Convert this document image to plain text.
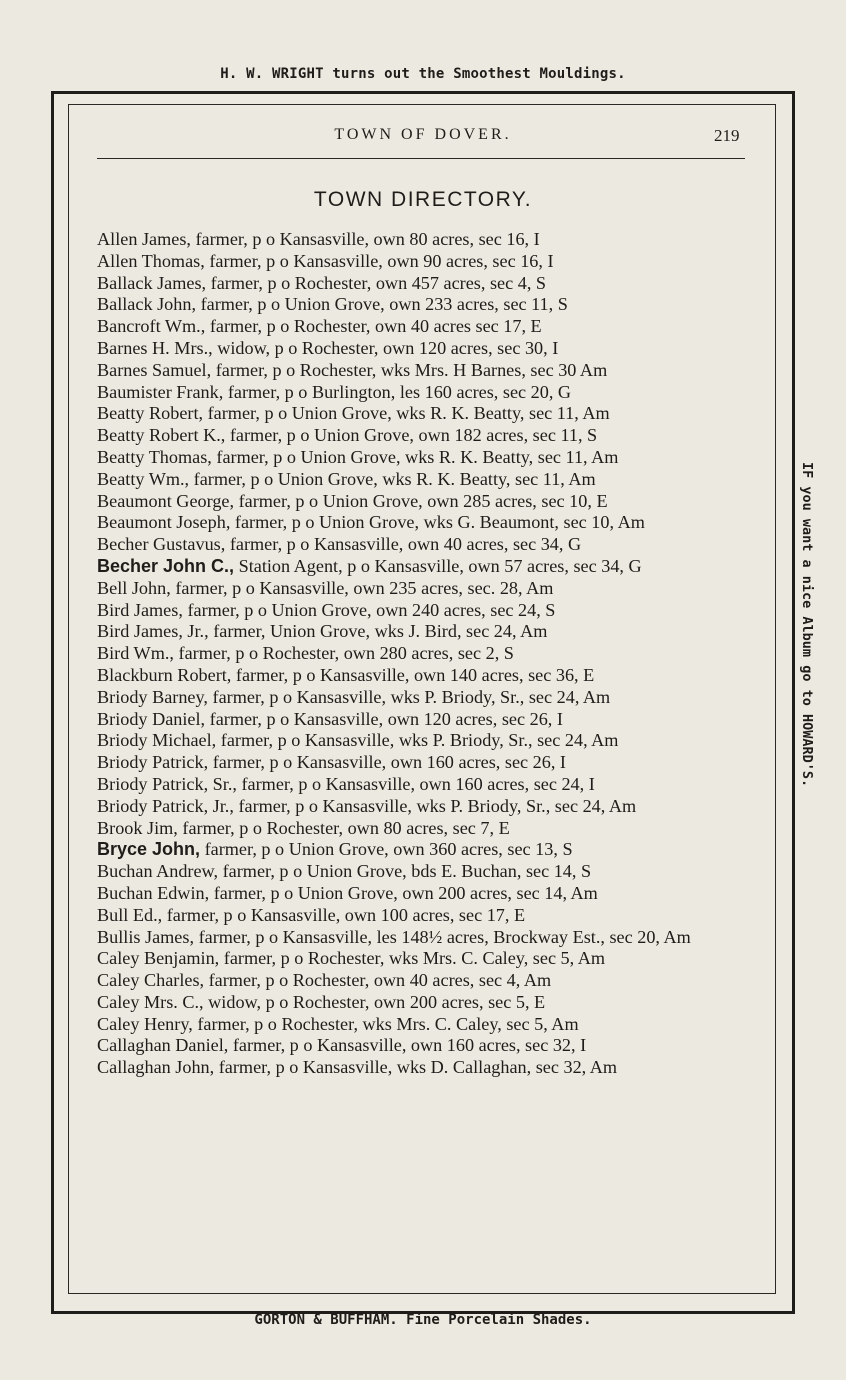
H. W. WRIGHT turns out the Smoothest Mouldings.
TOWN OF DOVER.	219
TOWN DIRECTORY.
Allen James, farmer, p o Kansasville, own 80 acres, sec 16, I
Allen Thomas, farmer, p o Kansasville, own 90 acres, sec 16, I
Ballack James, farmer, p o Rochester, own 457 acres, sec 4, S
Ballack John, farmer, p o Union Grove, own 233 acres, sec 11, S
Bancroft Wm., farmer, p o Rochester, own 40 acres sec 17, E
Barnes H. Mrs., widow, p o Rochester, own 120 acres, sec 30, I
Barnes Samuel, farmer, p o Rochester, wks Mrs. H Barnes, sec 30 Am
Baumister Frank, farmer, p o Burlington, les 160 acres, sec 20, G
Beatty Robert, farmer, p o Union Grove, wks R. K. Beatty, sec 11, Am
Beatty Robert K., farmer, p o Union Grove, own 182 acres, sec 11, S
Beatty Thomas, farmer, p o Union Grove, wks R. K. Beatty, sec 11, Am
Beatty Wm., farmer, p o Union Grove, wks R. K. Beatty, sec 11, Am
Beaumont George, farmer, p o Union Grove, own 285 acres, sec 10, E
Beaumont Joseph, farmer, p o Union Grove, wks G. Beaumont, sec 10, Am
Becher Gustavus, farmer, p o Kansasville, own 40 acres, sec 34, G
Becher John C., Station Agent, p o Kansasville, own 57 acres, sec 34, G
Bell John, farmer, p o Kansasville, own 235 acres, sec. 28, Am
Bird James, farmer, p o Union Grove, own 240 acres, sec 24, S
Bird James, Jr., farmer, Union Grove, wks J. Bird, sec 24, Am
Bird Wm., farmer, p o Rochester, own 280 acres, sec 2, S
Blackburn Robert, farmer, p o Kansasville, own 140 acres, sec 36, E
Briody Barney, farmer, p o Kansasville, wks P. Briody, Sr., sec 24, Am
Briody Daniel, farmer, p o Kansasville, own 120 acres, sec 26, I
Briody Michael, farmer, p o Kansasville, wks P. Briody, Sr., sec 24, Am
Briody Patrick, farmer, p o Kansasville, own 160 acres, sec 26, I
Briody Patrick, Sr., farmer, p o Kansasville, own 160 acres, sec 24, I
Briody Patrick, Jr., farmer, p o Kansasville, wks P. Briody, Sr., sec 24, Am
Brook Jim, farmer, p o Rochester, own 80 acres, sec 7, E
Bryce John, farmer, p o Union Grove, own 360 acres, sec 13, S
Buchan Andrew, farmer, p o Union Grove, bds E. Buchan, sec 14, S
Buchan Edwin, farmer, p o Union Grove, own 200 acres, sec 14, Am
Bull Ed., farmer, p o Kansasville, own 100 acres, sec 17, E
Bullis James, farmer, p o Kansasville, les 148½ acres, Brockway Est., sec 20, Am
Caley Benjamin, farmer, p o Rochester, wks Mrs. C. Caley, sec 5, Am
Caley Charles, farmer, p o Rochester, own 40 acres, sec 4, Am
Caley Mrs. C., widow, p o Rochester, own 200 acres, sec 5, E
Caley Henry, farmer, p o Rochester, wks Mrs. C. Caley, sec 5, Am
Callaghan Daniel, farmer, p o Kansasville, own 160 acres, sec 32, I
Callaghan John, farmer, p o Kansasville, wks D. Callaghan, sec 32, Am
IF you want a nice Album go to HOWARD'S.
GORTON & BUFFHAM. Fine Porcelain Shades.
